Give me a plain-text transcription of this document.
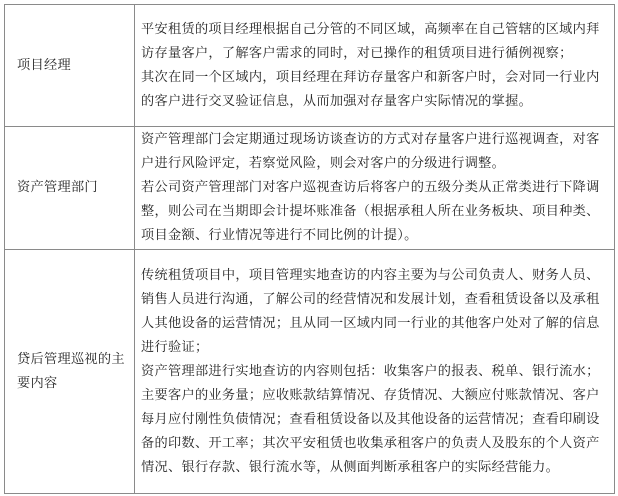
项目经理	平安租赁的项目经理根据自己分管的不同区域，高频率在自己管辖的区域内拜访存量客户，了解客户需求的同时，对已操作的租赁项目进行循例视察；
其次在同一个区域内，项目经理在拜访存量客户和新客户时，会对同一行业内的客户进行交叉验证信息，从而加强对存量客户实际情况的掌握。

资产管理部门	资产管理部门会定期通过现场访谈查访的方式对存量客户进行巡视调查，对客户进行风险评定，若察觉风险，则会对客户的分级进行调整。
若公司资产管理部门对客户巡视查访后将客户的五级分类从正常类进行下降调整，则公司在当期即会计提坏账准备（根据承租人所在业务板块、项目种类、项目金额、行业情况等进行不同比例的计提）。

贷后管理巡视的主要内容	传统租赁项目中，项目管理实地查访的内容主要为与公司负责人、财务人员、销售人员进行沟通，了解公司的经营情况和发展计划，查看租赁设备以及承租人其他设备的运营情况；且从同一区域内同一行业的其他客户处对了解的信息进行验证；
资产管理部进行实地查访的内容则包括：收集客户的报表、税单、银行流水；主要客户的业务量；应收账款结算情况、存货情况、大额应付账款情况、客户每月应付刚性负债情况；查看租赁设备以及其他设备的运营情况；查看印刷设备的印数、开工率；其次平安租赁也收集承租客户的负责人及股东的个人资产情况、银行存款、银行流水等，从侧面判断承租客户的实际经营能力。
